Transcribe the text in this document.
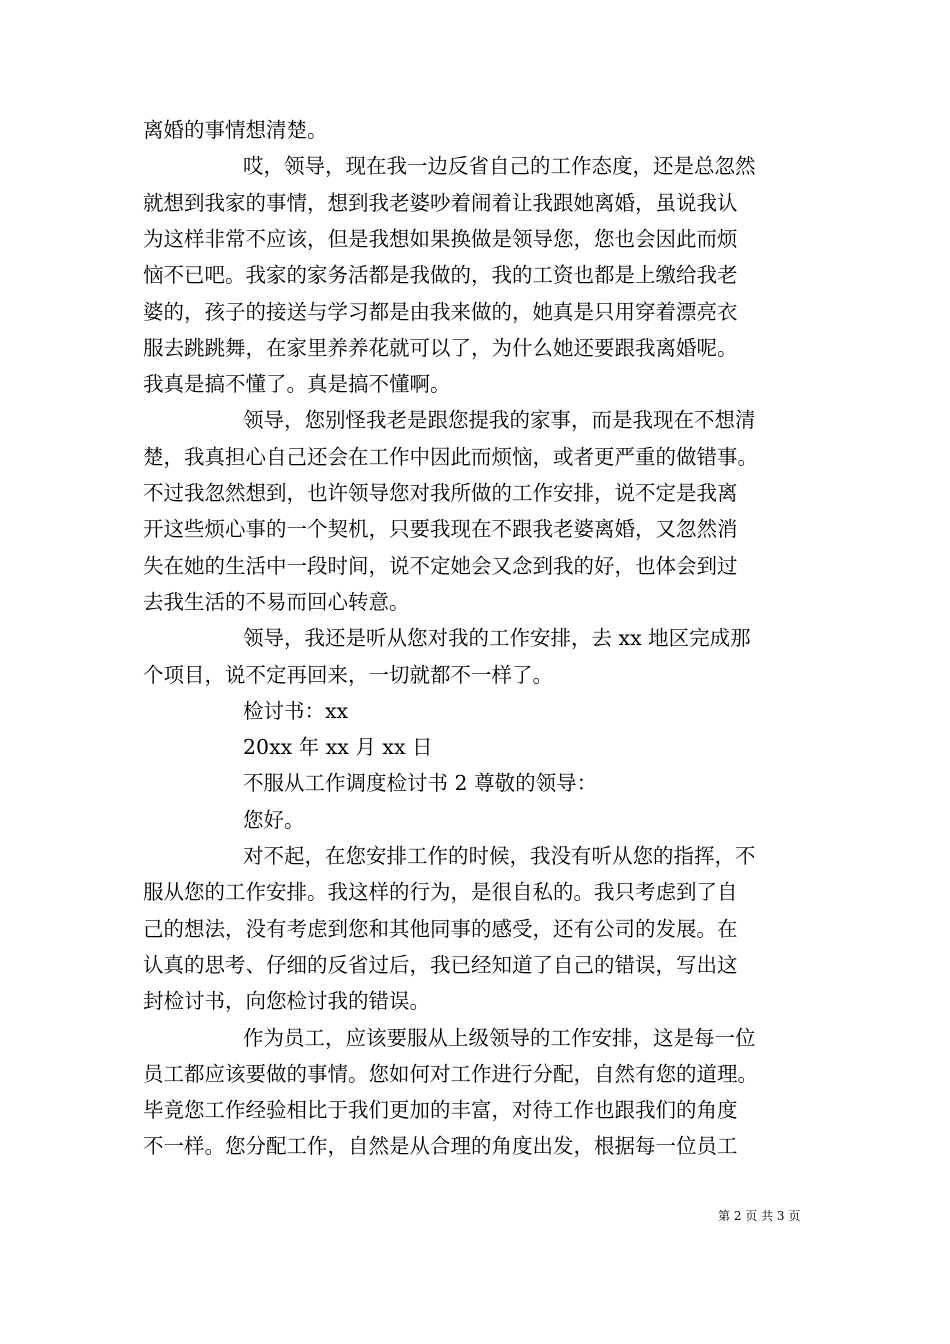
离婚的事情想清楚。
哎，领导，现在我一边反省自己的工作态度，还是总忽然
就想到我家的事情，想到我老婆吵着闹着让我跟她离婚，虽说我认
为这样非常不应该，但是我想如果换做是领导您，您也会因此而烦
恼不已吧。我家的家务活都是我做的，我的工资也都是上缴给我老
婆的，孩子的接送与学习都是由我来做的，她真是只用穿着漂亮衣
服去跳跳舞，在家里养养花就可以了，为什么她还要跟我离婚呢。
我真是搞不懂了。真是搞不懂啊。
领导，您别怪我老是跟您提我的家事，而是我现在不想清
楚，我真担心自己还会在工作中因此而烦恼，或者更严重的做错事。
不过我忽然想到，也许领导您对我所做的工作安排，说不定是我离
开这些烦心事的一个契机，只要我现在不跟我老婆离婚，又忽然消
失在她的生活中一段时间，说不定她会又念到我的好，也体会到过
去我生活的不易而回心转意。
领导，我还是听从您对我的工作安排，去 xx 地区完成那
个项目，说不定再回来，一切就都不一样了。
检讨书：xx
20xx 年 xx 月 xx 日
不服从工作调度检讨书 2 尊敬的领导：
您好。
对不起，在您安排工作的时候，我没有听从您的指挥，不
服从您的工作安排。我这样的行为，是很自私的。我只考虑到了自
己的想法，没有考虑到您和其他同事的感受，还有公司的发展。在
认真的思考、仔细的反省过后，我已经知道了自己的错误，写出这
封检讨书，向您检讨我的错误。
作为员工，应该要服从上级领导的工作安排，这是每一位
员工都应该要做的事情。您如何对工作进行分配，自然有您的道理。
毕竟您工作经验相比于我们更加的丰富，对待工作也跟我们的角度
不一样。您分配工作，自然是从合理的角度出发，根据每一位员工
第 2 页 共 3 页
